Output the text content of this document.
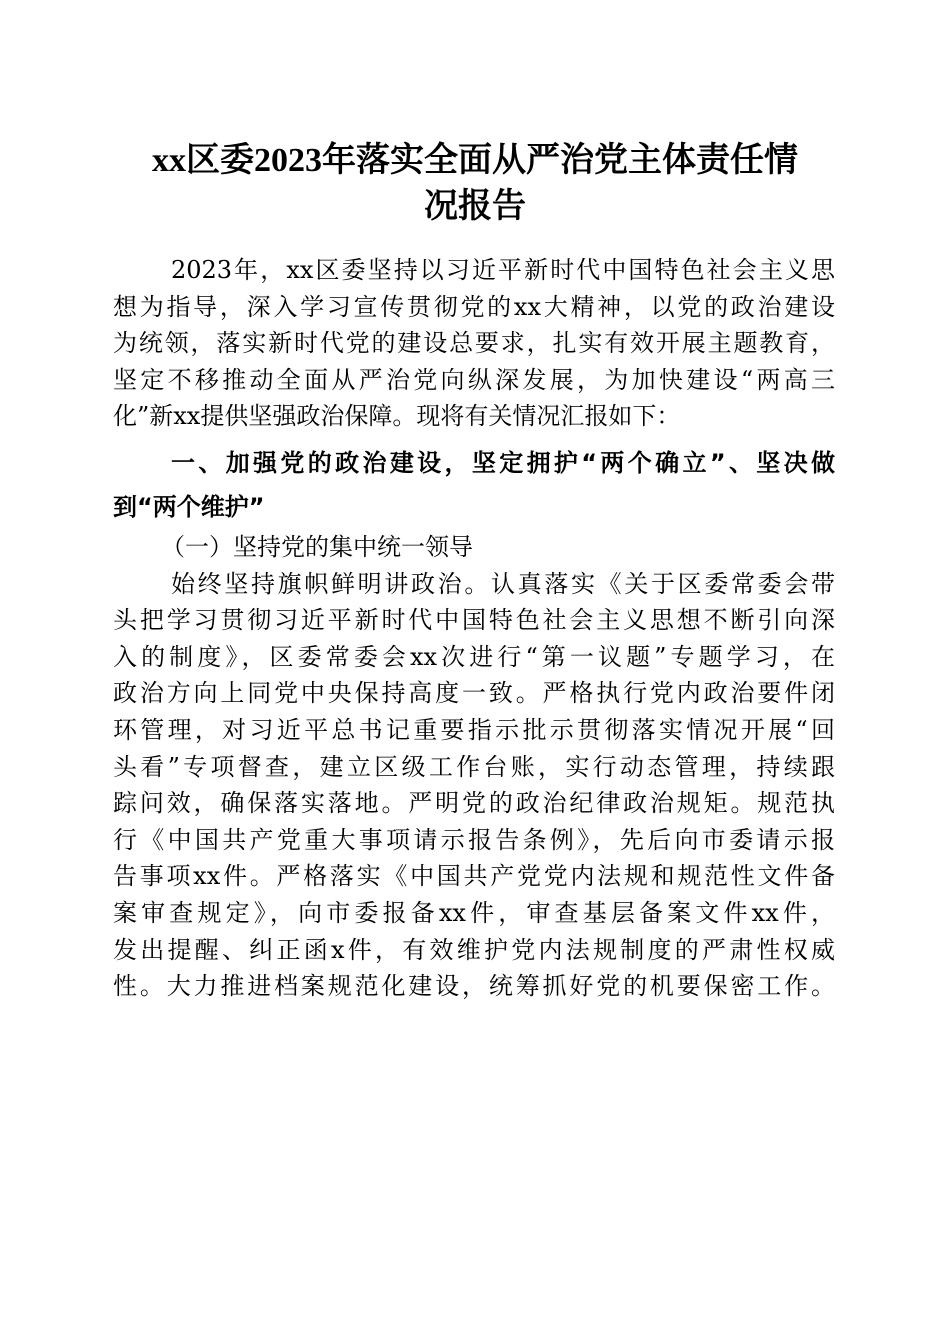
xx区委2023年落实全面从严治党主体责任情
况报告
2023年，xx区委坚持以习近平新时代中国特色社会主义思
想为指导，深入学习宣传贯彻党的xx大精神，以党的政治建设
为统领，落实新时代党的建设总要求，扎实有效开展主题教育，
坚定不移推动全面从严治党向纵深发展，为加快建设“两高三
化”新xx提供坚强政治保障。现将有关情况汇报如下：
一、加强党的政治建设，坚定拥护“两个确立”、坚决做
到“两个维护”
（一）坚持党的集中统一领导
始终坚持旗帜鲜明讲政治。认真落实《关于区委常委会带
头把学习贯彻习近平新时代中国特色社会主义思想不断引向深
入的制度》，区委常委会xx次进行“第一议题”专题学习，在
政治方向上同党中央保持高度一致。严格执行党内政治要件闭
环管理，对习近平总书记重要指示批示贯彻落实情况开展“回
头看”专项督查，建立区级工作台账，实行动态管理，持续跟
踪问效，确保落实落地。严明党的政治纪律政治规矩。规范执
行《中国共产党重大事项请示报告条例》，先后向市委请示报
告事项xx件。严格落实《中国共产党党内法规和规范性文件备
案审查规定》，向市委报备xx件，审查基层备案文件xx件，
发出提醒、纠正函x件，有效维护党内法规制度的严肃性权威
性。大力推进档案规范化建设，统筹抓好党的机要保密工作。
